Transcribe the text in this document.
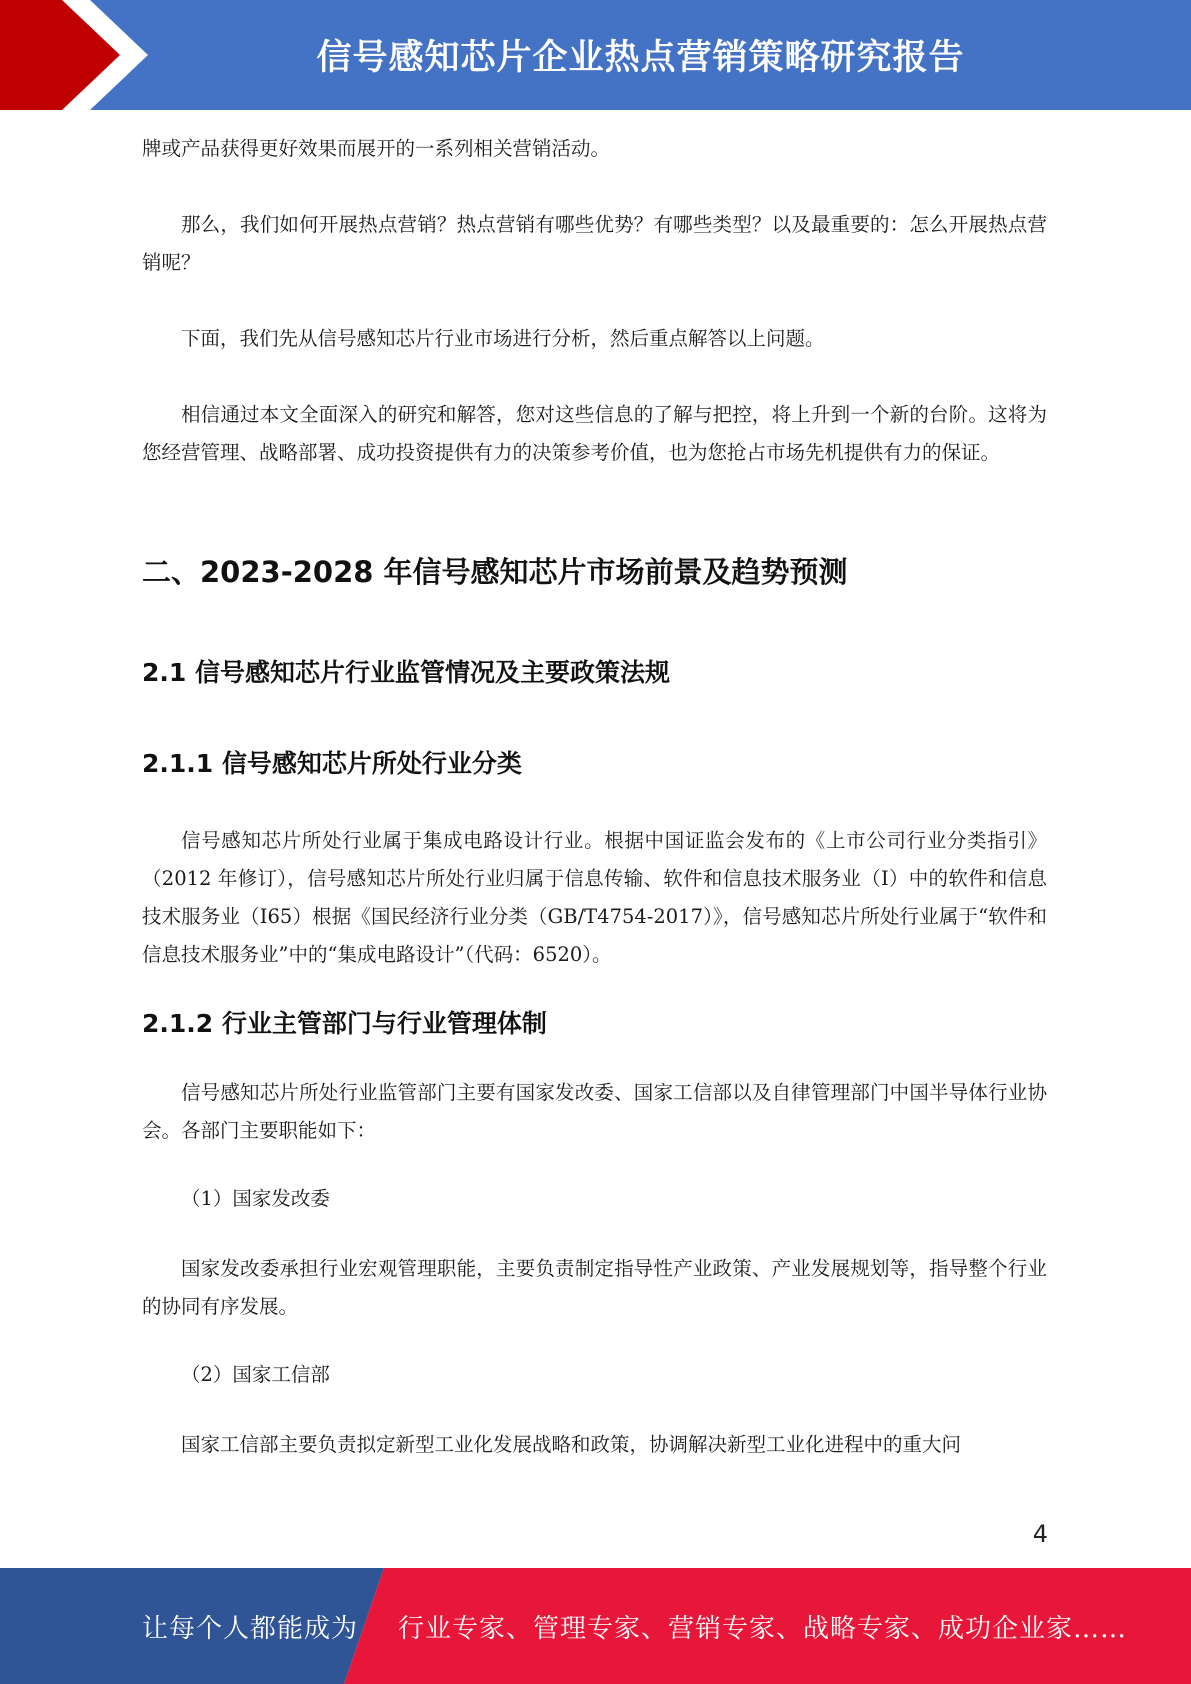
信号感知芯片企业热点营销策略研究报告

牌或产品获得更好效果而展开的一系列相关营销活动。

那么，我们如何开展热点营销？热点营销有哪些优势？有哪些类型？以及最重要的：怎么开展热点营销呢？

下面，我们先从信号感知芯片行业市场进行分析，然后重点解答以上问题。

相信通过本文全面深入的研究和解答，您对这些信息的了解与把控，将上升到一个新的台阶。这将为您经营管理、战略部署、成功投资提供有力的决策参考价值，也为您抢占市场先机提供有力的保证。

二、2023-2028 年信号感知芯片市场前景及趋势预测
2.1 信号感知芯片行业监管情况及主要政策法规
2.1.1 信号感知芯片所处行业分类

信号感知芯片所处行业属于集成电路设计行业。根据中国证监会发布的《上市公司行业分类指引》（2012 年修订），信号感知芯片所处行业归属于信息传输、软件和信息技术服务业（I）中的软件和信息技术服务业（I65）根据《国民经济行业分类（GB/T4754-2017）》，信号感知芯片所处行业属于“软件和信息技术服务业”中的“集成电路设计”（代码：6520）。

2.1.2 行业主管部门与行业管理体制

信号感知芯片所处行业监管部门主要有国家发改委、国家工信部以及自律管理部门中国半导体行业协会。各部门主要职能如下：

（1）国家发改委

国家发改委承担行业宏观管理职能，主要负责制定指导性产业政策、产业发展规划等，指导整个行业的协同有序发展。

（2）国家工信部

国家工信部主要负责拟定新型工业化发展战略和政策，协调解决新型工业化进程中的重大问

4
让每个人都能成为 行业专家、管理专家、营销专家、战略专家、成功企业家……
